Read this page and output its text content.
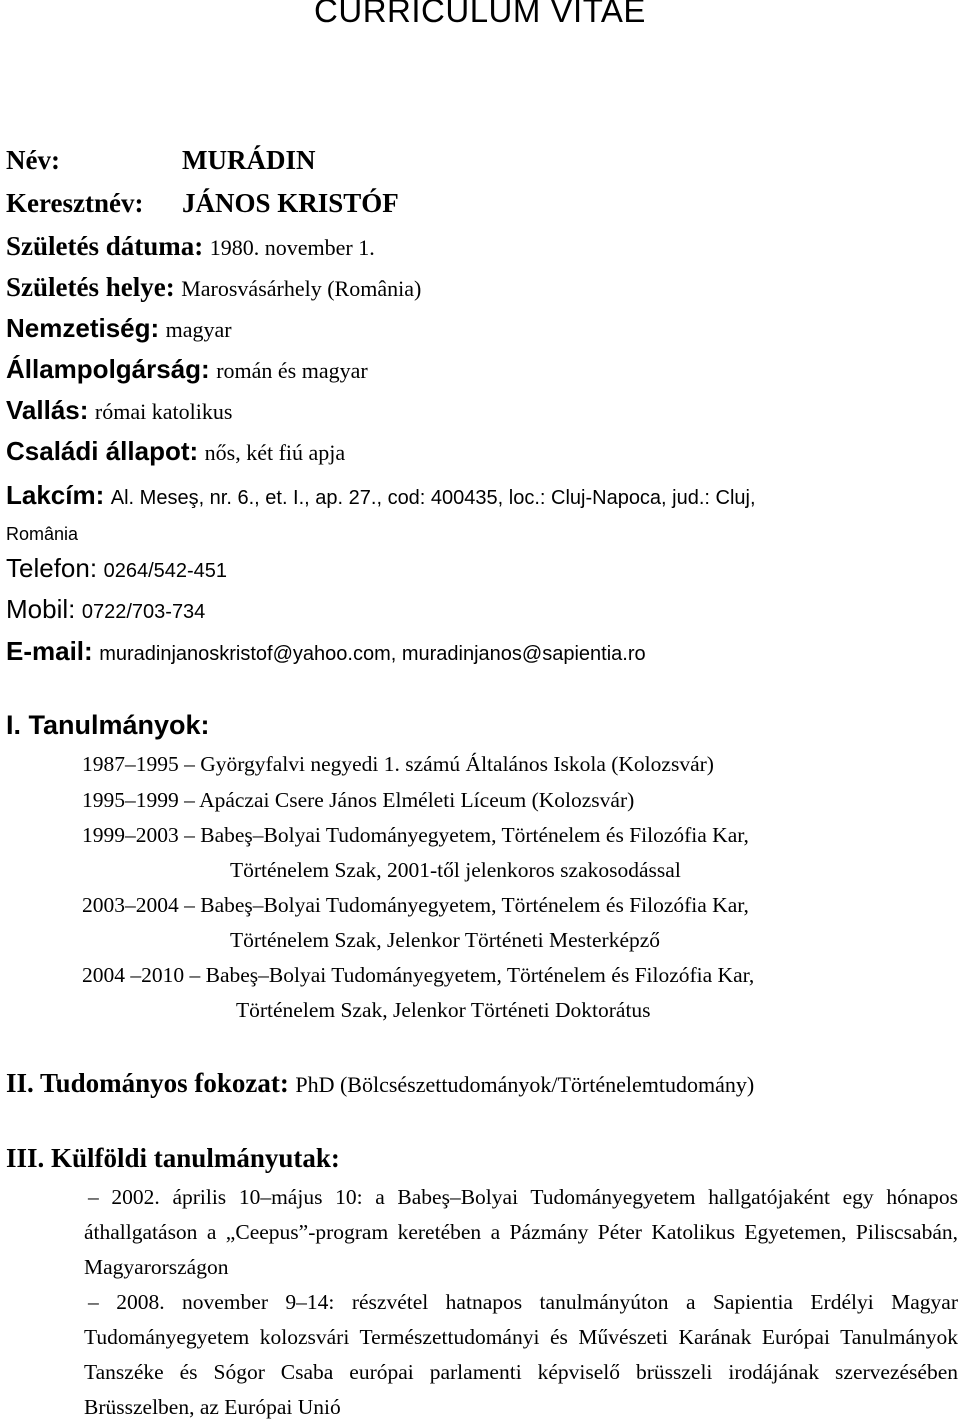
CURRICULUM VITAE
Név:	MURÁDIN
Keresztnév: JÁNOS KRISTÓF
Születés dátuma: 1980. november 1.
Születés helye: Marosvásárhely (România)
Nemzetiség: magyar
Állampolgárság: román és magyar
Vallás: római katolikus
Családi állapot: nős, két fiú apja
Lakcím: Al. Meseş, nr. 6., et. I., ap. 27., cod: 400435, loc.: Cluj-Napoca, jud.: Cluj,
România
Telefon: 0264/542-451
Mobil: 0722/703-734
E-mail: muradinjanoskristof@yahoo.com, muradinjanos@sapientia.ro
I. Tanulmányok:
1987–1995 – Györgyfalvi negyedi 1. számú Általános Iskola (Kolozsvár)
1995–1999 – Apáczai Csere János Elméleti Líceum (Kolozsvár)
1999–2003 – Babeş–Bolyai Tudományegyetem, Történelem és Filozófia Kar,
Történelem Szak, 2001-től jelenkoros szakosodással
2003–2004 – Babeş–Bolyai Tudományegyetem, Történelem és Filozófia Kar,
Történelem Szak, Jelenkor Történeti Mesterképző
2004 –2010 – Babeş–Bolyai Tudományegyetem, Történelem és Filozófia Kar,
Történelem Szak, Jelenkor Történeti Doktorátus
II. Tudományos fokozat: PhD (Bölcsészettudományok/Történelemtudomány)
III. Külföldi tanulmányutak:

– 2002. április 10–május 10: a Babeş–Bolyai Tudományegyetem hallgatójaként egy hónapos áthallgatáson a „Ceepus”-program keretében a Pázmány Péter Katolikus Egyetemen, Piliscsabán, Magyarországon

– 2008. november 9–14: részvétel hatnapos tanulmányúton a Sapientia Erdélyi Magyar Tudományegyetem kolozsvári Természettudományi és Művészeti Karának Európai Tanulmányok Tanszéke és Sógor Csaba európai parlamenti képviselő brüsszeli irodájának szervezésében Brüsszelben, az Európai Unió
